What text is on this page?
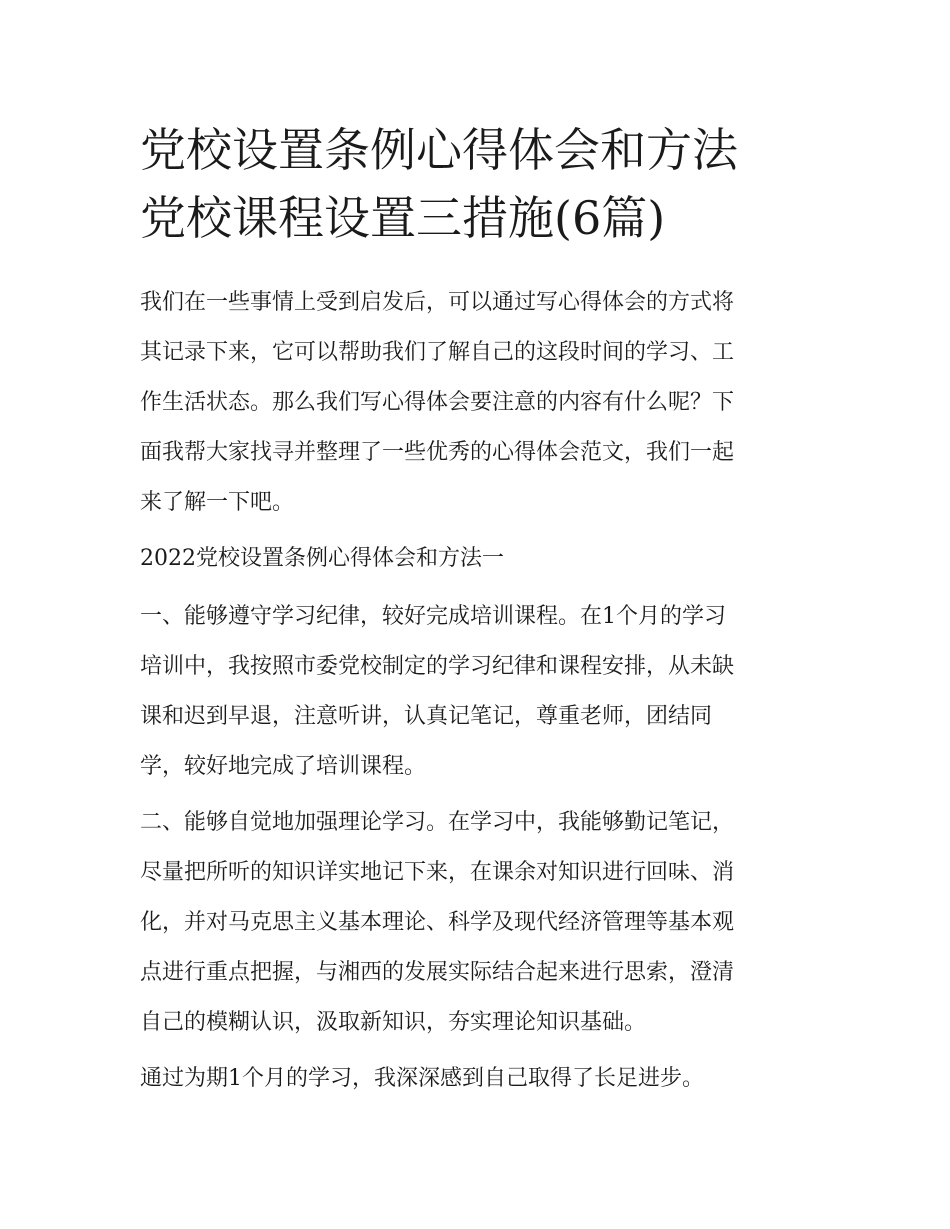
党校设置条例心得体会和方法
党校课程设置三措施(6篇)

我们在一些事情上受到启发后，可以通过写心得体会的方式将
其记录下来，它可以帮助我们了解自己的这段时间的学习、工
作生活状态。那么我们写心得体会要注意的内容有什么呢？下
面我帮大家找寻并整理了一些优秀的心得体会范文，我们一起
来了解一下吧。

2022党校设置条例心得体会和方法一

一、能够遵守学习纪律，较好完成培训课程。在1个月的学习
培训中，我按照市委党校制定的学习纪律和课程安排，从未缺
课和迟到早退，注意听讲，认真记笔记，尊重老师，团结同
学，较好地完成了培训课程。

二、能够自觉地加强理论学习。在学习中，我能够勤记笔记，
尽量把所听的知识详实地记下来，在课余对知识进行回味、消
化，并对马克思主义基本理论、科学及现代经济管理等基本观
点进行重点把握，与湘西的发展实际结合起来进行思索，澄清
自己的模糊认识，汲取新知识，夯实理论知识基础。

通过为期1个月的学习，我深深感到自己取得了长足进步。
